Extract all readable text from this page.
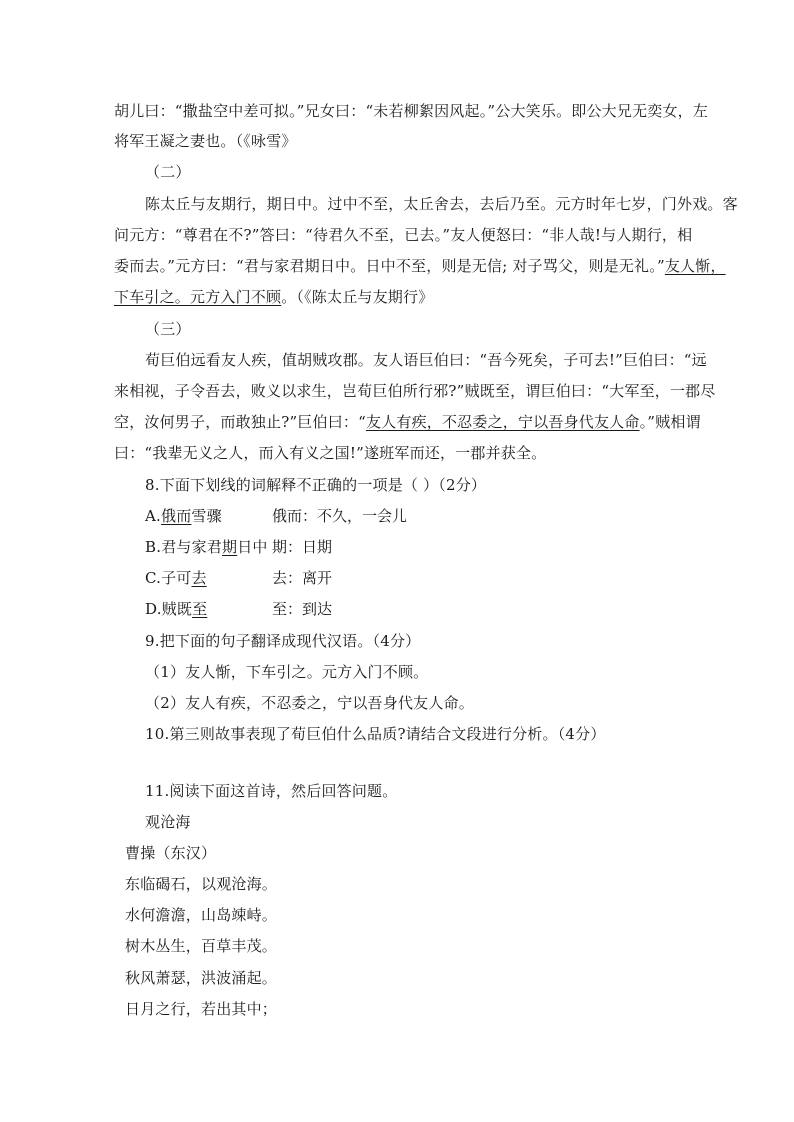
胡儿曰：“撒盐空中差可拟。”兄女曰：“未若柳絮因风起。”公大笑乐。即公大兄无奕女，左
将军王凝之妻也。（《咏雪》
（二）
陈太丘与友期行，期日中。过中不至，太丘舍去，去后乃至。元方时年七岁，门外戏。客
问元方：“尊君在不?”答曰：“待君久不至，已去。”友人便怒曰：“非人哉!与人期行，相
委而去。”元方曰：“君与家君期日中。日中不至，则是无信; 对子骂父，则是无礼。”友人惭，
下车引之。元方入门不顾。（《陈太丘与友期行》
（三）
荀巨伯远看友人疾，值胡贼攻郡。友人语巨伯曰：“吾今死矣，子可去!”巨伯曰：“远
来相视，子令吾去，败义以求生，岂荀巨伯所行邪?”贼既至，谓巨伯曰：“大军至，一郡尽
空，汝何男子，而敢独止?”巨伯曰：“友人有疾，不忍委之，宁以吾身代友人命。”贼相谓
曰：“我辈无义之人，而入有义之国!”遂班军而还，一郡并获全。
8.下面下划线的词解释不正确的一项是（ ）（2分）
A.俄而雪骤	俄而：不久，一会儿
B.君与家君期日中 期：日期
C.子可去	去：离开
D.贼既至	至：到达
9.把下面的句子翻译成现代汉语。（4分）
（1）友人惭，下车引之。元方入门不顾。
（2）友人有疾，不忍委之，宁以吾身代友人命。
10.第三则故事表现了荀巨伯什么品质?请结合文段进行分析。（4分）
11.阅读下面这首诗，然后回答问题。
观沧海
曹操（东汉）
东临碣石，以观沧海。
水何澹澹，山岛竦峙。
树木丛生，百草丰茂。
秋风萧瑟，洪波涌起。
日月之行，若出其中；
